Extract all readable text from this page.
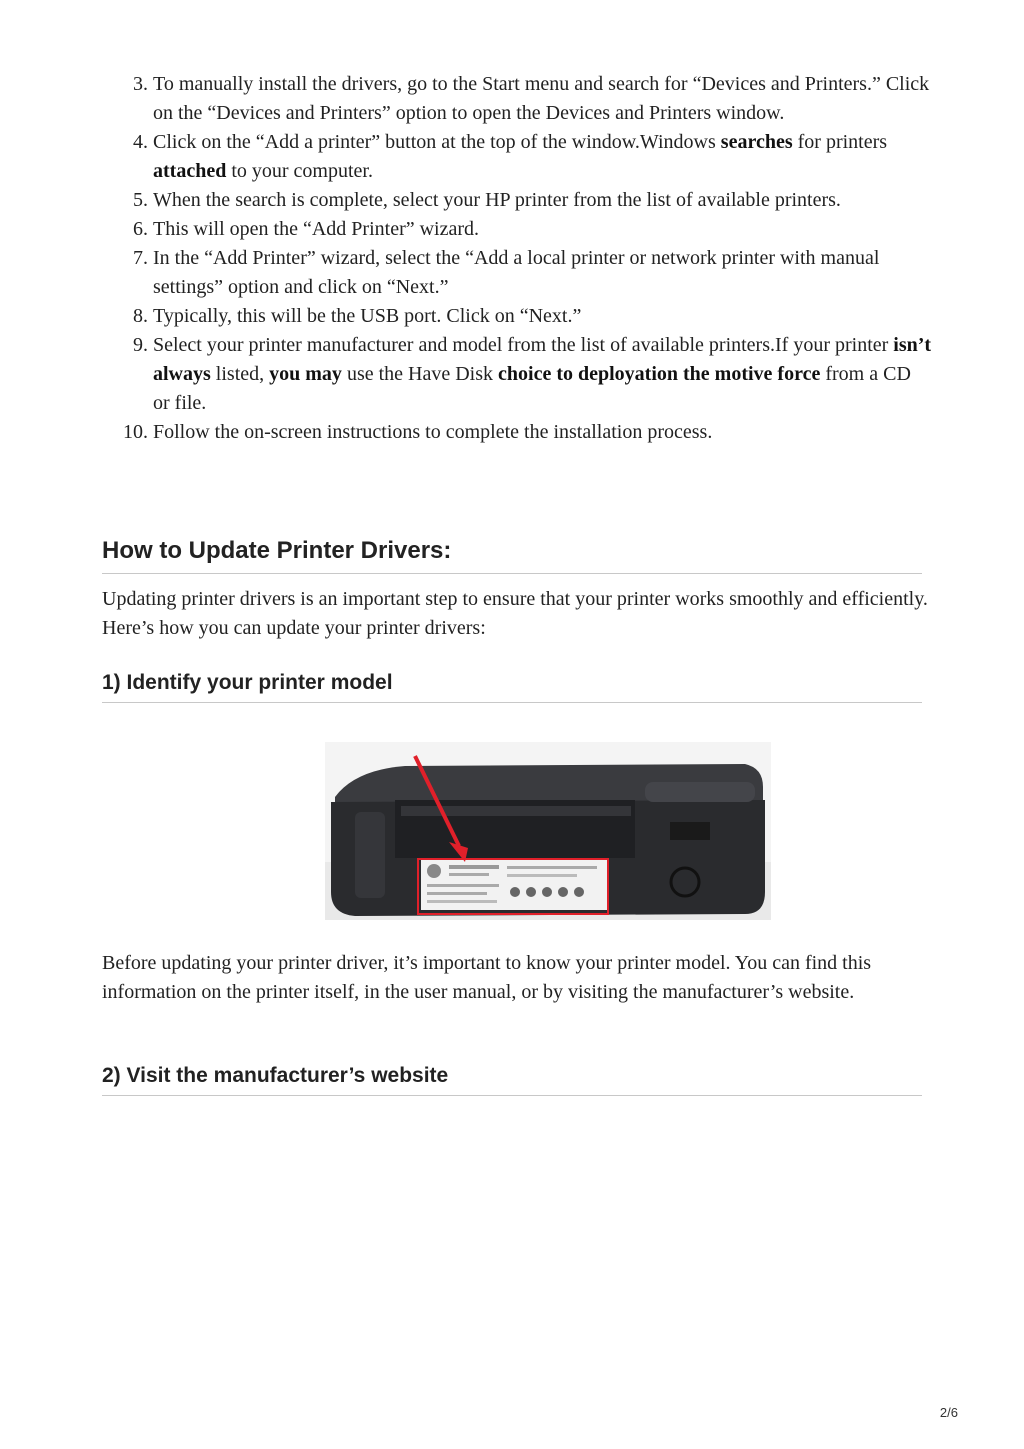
3. To manually install the drivers, go to the Start menu and search for “Devices and Printers.” Click on the “Devices and Printers” option to open the Devices and Printers window.
4. Click on the “Add a printer” button at the top of the window.Windows searches for printers attached to your computer.
5. When the search is complete, select your HP printer from the list of available printers.
6. This will open the “Add Printer” wizard.
7. In the “Add Printer” wizard, select the “Add a local printer or network printer with manual settings” option and click on “Next.”
8. Typically, this will be the USB port. Click on “Next.”
9. Select your printer manufacturer and model from the list of available printers.If your printer isn’t always listed, you may use the Have Disk choice to deployation the motive force from a CD or file.
10. Follow the on-screen instructions to complete the installation process.
How to Update Printer Drivers:

Updating printer drivers is an important step to ensure that your printer works smoothly and efficiently. Here’s how you can update your printer drivers:

1) Identify your printer model

Before updating your printer driver, it’s important to know your printer model. You can find this information on the printer itself, in the user manual, or by visiting the manufacturer’s website.

2) Visit the manufacturer’s website
2/6
